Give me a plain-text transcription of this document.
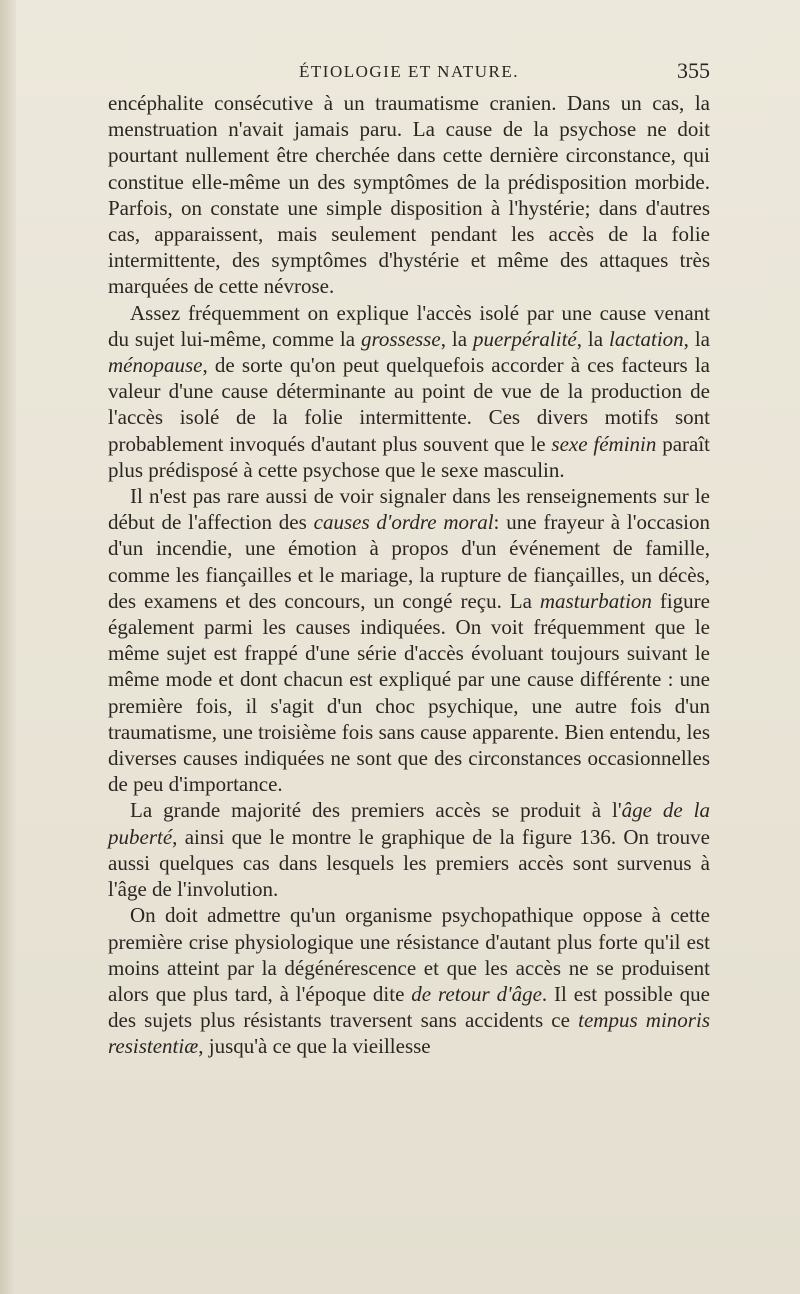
ÉTIOLOGIE ET NATURE.	355

encéphalite consécutive à un traumatisme cranien. Dans un cas, la menstruation n'avait jamais paru. La cause de la psychose ne doit pourtant nullement être cherchée dans cette dernière circonstance, qui constitue elle-même un des symptômes de la prédisposition morbide. Parfois, on constate une simple disposition à l'hystérie; dans d'autres cas, apparaissent, mais seulement pendant les accès de la folie intermittente, des symptômes d'hystérie et même des attaques très marquées de cette névrose.

Assez fréquemment on explique l'accès isolé par une cause venant du sujet lui-même, comme la grossesse, la puerpéralité, la lactation, la ménopause, de sorte qu'on peut quelquefois accorder à ces facteurs la valeur d'une cause déterminante au point de vue de la production de l'accès isolé de la folie intermittente. Ces divers motifs sont probablement invoqués d'autant plus souvent que le sexe féminin paraît plus prédisposé à cette psychose que le sexe masculin.

Il n'est pas rare aussi de voir signaler dans les renseignements sur le début de l'affection des causes d'ordre moral: une frayeur à l'occasion d'un incendie, une émotion à propos d'un événement de famille, comme les fiançailles et le mariage, la rupture de fiançailles, un décès, des examens et des concours, un congé reçu. La masturbation figure également parmi les causes indiquées. On voit fréquemment que le même sujet est frappé d'une série d'accès évoluant toujours suivant le même mode et dont chacun est expliqué par une cause différente : une première fois, il s'agit d'un choc psychique, une autre fois d'un traumatisme, une troisième fois sans cause apparente. Bien entendu, les diverses causes indiquées ne sont que des circonstances occasionnelles de peu d'importance.

La grande majorité des premiers accès se produit à l'âge de la puberté, ainsi que le montre le graphique de la figure 136. On trouve aussi quelques cas dans lesquels les premiers accès sont survenus à l'âge de l'involution.

On doit admettre qu'un organisme psychopathique oppose à cette première crise physiologique une résistance d'autant plus forte qu'il est moins atteint par la dégénérescence et que les accès ne se produisent alors que plus tard, à l'époque dite de retour d'âge. Il est possible que des sujets plus résistants traversent sans accidents ce tempus minoris resistentiæ, jusqu'à ce que la vieillesse
